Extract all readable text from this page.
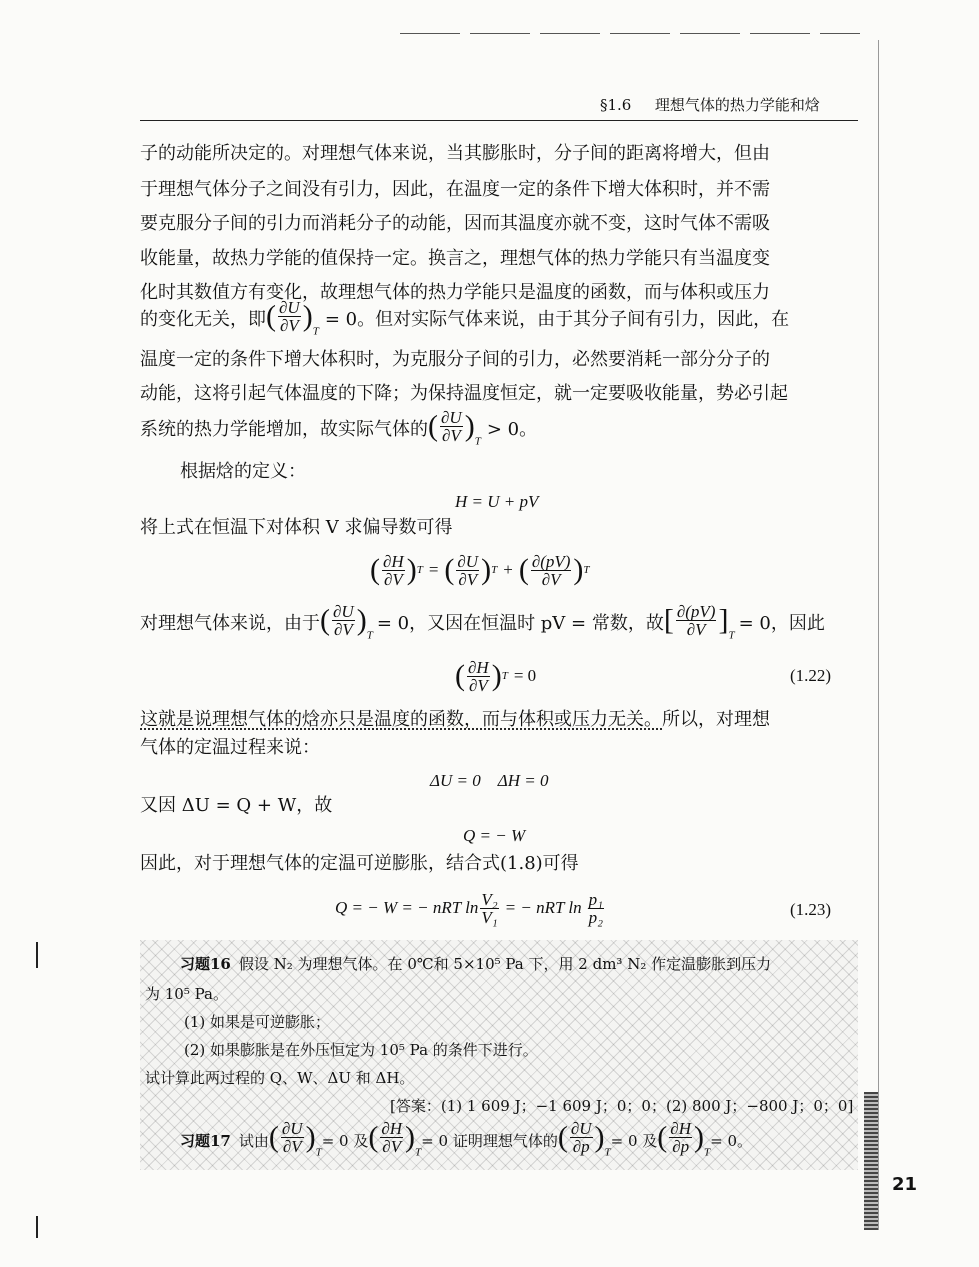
§1.6 理想气体的热力学能和焓
子的动能所决定的。对理想气体来说，当其膨胀时，分子间的距离将增大，但由
于理想气体分子之间没有引力，因此，在温度一定的条件下增大体积时，并不需
要克服分子间的引力而消耗分子的动能，因而其温度亦就不变，这时气体不需吸
收能量，故热力学能的值保持一定。换言之，理想气体的热力学能只有当温度变
化时其数值方有变化，故理想气体的热力学能只是温度的函数，而与体积或压力
的变化无关，即 ( $\frac{\partial U}{\partial V} )_T$
= 0。但对实际气体来说，由于其分子间有引力，因此，在
温度一定的条件下增大体积时，为克服分子间的引力，必然要消耗一部分分子的
动能，这将引起气体温度的下降；为保持温度恒定，就一定要吸收能量，势必引起
系统的热力学能增加，故实际气体的 ( $\frac{\partial U}{\partial V} )_T$
> 0。
根据焓的定义：
H = U + pV
将上式在恒温下对体积 V 求偏导数可得
( $\frac{\partial H}{\partial V}$ ) T = ( $\frac{\partial U}{\partial V}$ ) T + ( $\frac{\partial(pV)}{\partial V}$ ) T
对理想气体来说，由于 ( $\frac{\partial U}{\partial V} )_T$
= 0，又因在恒温时 pV = 常数，故 [ $\frac{\partial(pV)}{\partial V} ]_T$
= 0，因此
( $\frac{\partial H}{\partial V}$ ) T = 0	(1.22)
这就是说理想气体的焓亦只是温度的函数，而与体积或压力无关。所以，对理想
气体的定温过程来说：
ΔU = 0　ΔH = 0
又因 ΔU = Q + W，故
Q = − W
因此，对于理想气体的定温可逆膨胀，结合式(1.8)可得
Q = − W = − nRT $\ln \frac{\text{V₂}}{\text{V₁}}$ = − nRT $\ln \frac{\text{p₁}}{\text{p₂}}$	(1.23)
习题16 假设 N₂ 为理想气体。在 0℃和 5×10⁵ Pa 下，用 2 dm³ N₂ 作定温膨胀到压力
为 10⁵ Pa。
(1) 如果是可逆膨胀；
(2) 如果膨胀是在外压恒定为 10⁵ Pa 的条件下进行。
试计算此两过程的 Q、W、ΔU 和 ΔH。
[答案：(1) 1 609 J；−1 609 J；0；0；(2) 800 J；−800 J；0；0]
习题17 试由 ( $\frac{\partial U}{\partial V} )_T$
= 0 及 ( $\frac{\partial H}{\partial V} )_T$
= 0 证明理想气体的 ( $\frac{\partial U}{\partial p} )_T$
= 0 及 ( $\frac{\partial H}{\partial p} )_T$
= 0。
21
